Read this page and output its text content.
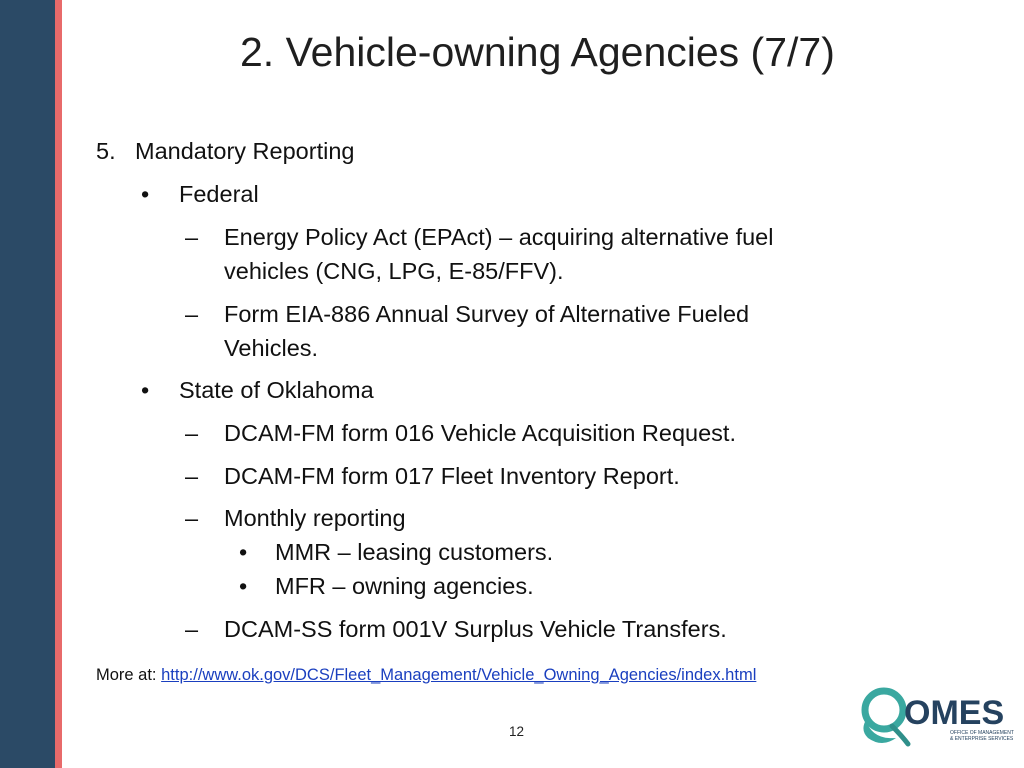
2. Vehicle-owning Agencies (7/7)
5. Mandatory Reporting
• Federal
– Energy Policy Act (EPAct) – acquiring alternative fuel
vehicles (CNG, LPG, E-85/FFV).
– Form EIA-886 Annual Survey of Alternative Fueled
Vehicles.
• State of Oklahoma
– DCAM-FM form 016 Vehicle Acquisition Request.
– DCAM-FM form 017 Fleet Inventory Report.
– Monthly reporting
• MMR – leasing customers.
• MFR – owning agencies.
– DCAM-SS form 001V Surplus Vehicle Transfers.
More at: http://www.ok.gov/DCS/Fleet_Management/Vehicle_Owning_Agencies/index.html
12	OMES
OFFICE OF MANAGEMENT
& ENTERPRISE SERVICES
